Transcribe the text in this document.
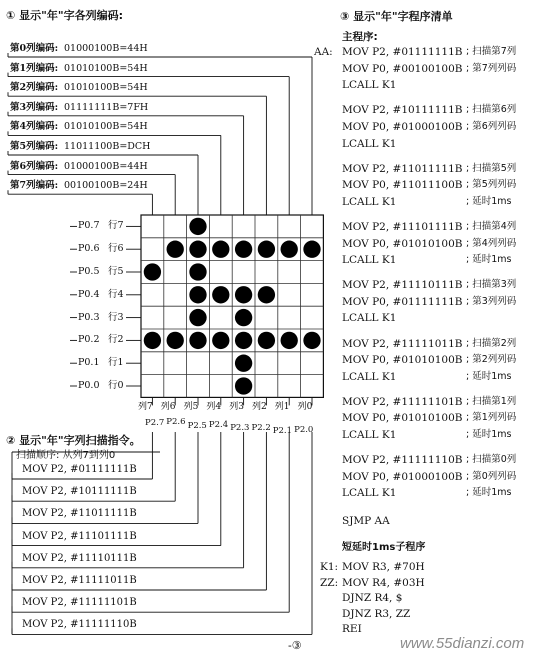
① 显示"年"字各列编码:
第0列编码: 01000100B=44H
第1列编码: 01010100B=54H
第2列编码: 01010100B=54H
第3列编码: 01111111B=7FH
第4列编码: 01010100B=54H
第5列编码: 11011100B=DCH
第6列编码: 01000100B=44H
第7列编码: 00100100B=24H
P0.7 行7
P0.6 行6
P0.5 行5
P0.4 行4
P0.3 行3
P0.2 行2
P0.1 行1
P0.0 行0
列7
P2.7
列6
P2.6
列5
P2.5
列4
P2.4
列3
P2.3
列2
P2.2
列1
P2.1
列0
P2.0
② 显示"年"字列扫描指令。
扫描顺序: 从列7到列0
MOV P2, #01111111B
MOV P2, #10111111B
MOV P2, #11011111B
MOV P2, #11101111B
MOV P2, #11110111B
MOV P2, #11111011B
MOV P2, #11111101B
MOV P2, #11111110B
③ 显示"年"字程序清单
主程序:
AA: MOV P2, #01111111B ; 扫描第7列
MOV P0, #00100100B ; 第7列列码
LCALL K1
MOV P2, #10111111B ; 扫描第6列
MOV P0, #01000100B ; 第6列列码
LCALL K1
MOV P2, #11011111B ; 扫描第5列
MOV P0, #11011100B ; 第5列列码
LCALL K1	; 延时1ms
MOV P2, #11101111B ; 扫描第4列
MOV P0, #01010100B ; 第4列列码
LCALL K1	; 延时1ms
MOV P2, #11110111B ; 扫描第3列
MOV P0, #01111111B ; 第3列列码
LCALL K1
MOV P2, #11111011B ; 扫描第2列
MOV P0, #01010100B ; 第2列列码
LCALL K1	; 延时1ms
MOV P2, #11111101B ; 扫描第1列
MOV P0, #01010100B ; 第1列列码
LCALL K1	; 延时1ms
MOV P2, #11111110B ; 扫描第0列
MOV P0, #01000100B ; 第0列列码
LCALL K1	; 延时1ms
SJMP AA
短延时1ms子程序
K1: MOV R3, #70H
ZZ: MOV R4, #03H
DJNZ R4, $
DJNZ R3, ZZ
REI
-③	www.55dianzi.com
